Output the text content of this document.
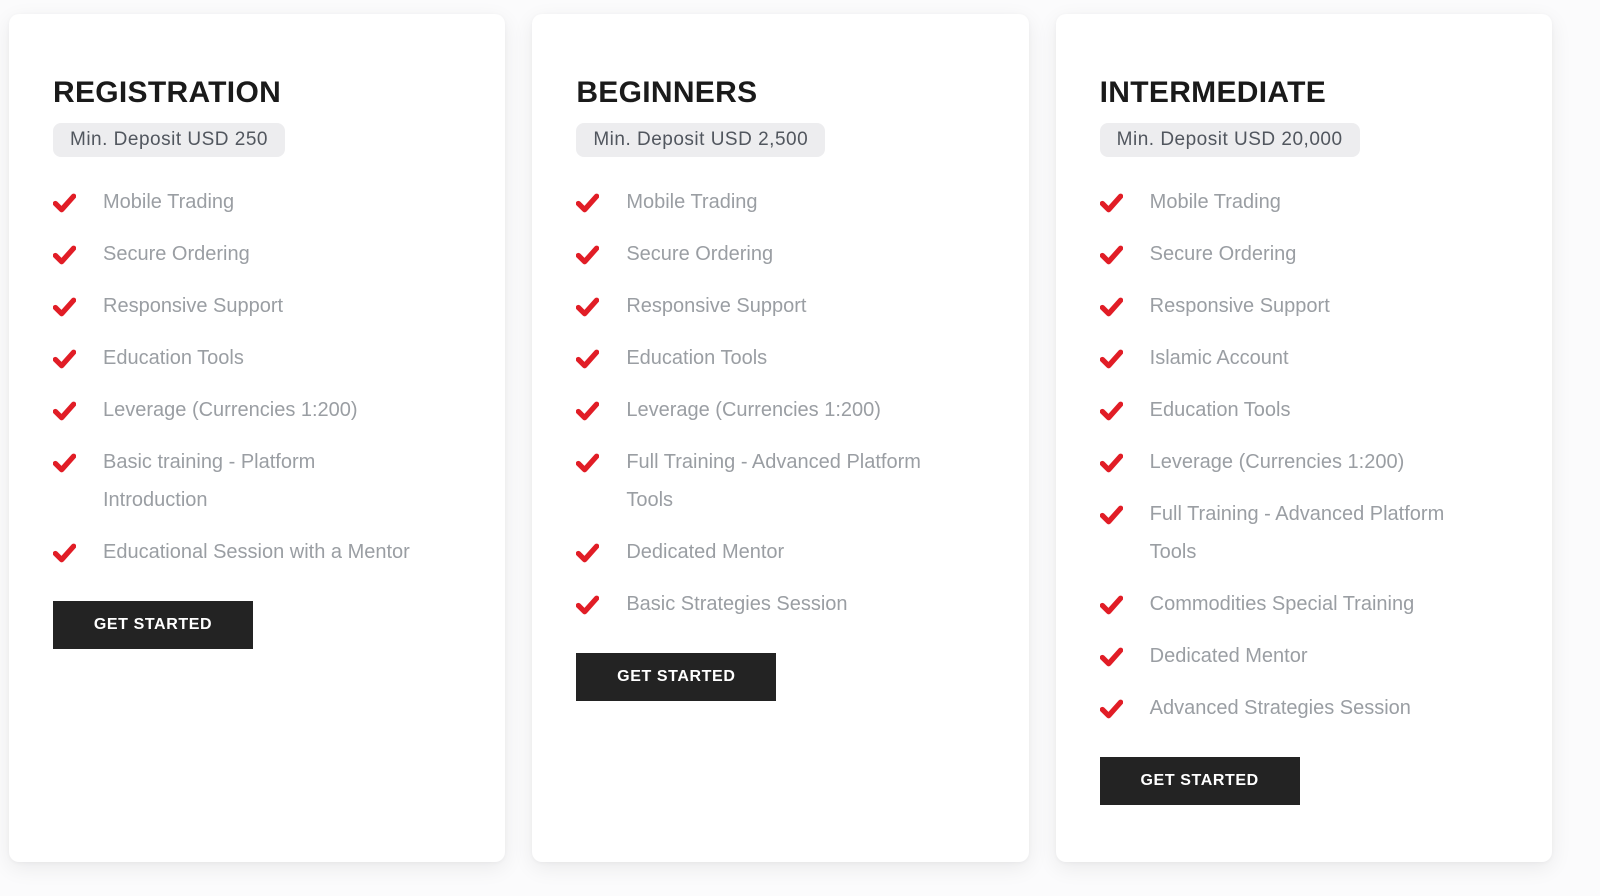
REGISTRATION
Min. Deposit USD 250
Mobile Trading
Secure Ordering
Responsive Support
Education Tools
Leverage (Currencies 1:200)
Basic training - Platform Introduction
Educational Session with a Mentor
GET STARTED
BEGINNERS
Min. Deposit USD 2,500
Mobile Trading
Secure Ordering
Responsive Support
Education Tools
Leverage (Currencies 1:200)
Full Training - Advanced Platform Tools
Dedicated Mentor
Basic Strategies Session
GET STARTED
INTERMEDIATE
Min. Deposit USD 20,000
Mobile Trading
Secure Ordering
Responsive Support
Islamic Account
Education Tools
Leverage (Currencies 1:200)
Full Training - Advanced Platform Tools
Commodities Special Training
Dedicated Mentor
Advanced Strategies Session
GET STARTED
